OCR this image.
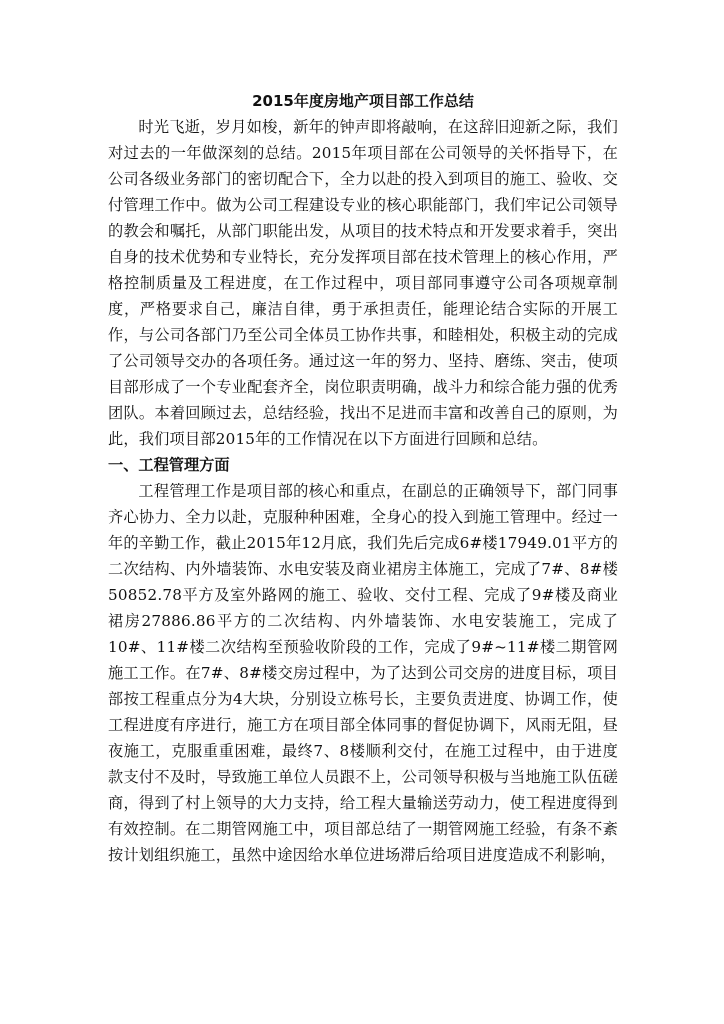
2015年度房地产项目部工作总结

时光飞逝，岁月如梭，新年的钟声即将敲响，在这辞旧迎新之际，我们对过去的一年做深刻的总结。2015年项目部在公司领导的关怀指导下，在公司各级业务部门的密切配合下，全力以赴的投入到项目的施工、验收、交付管理工作中。做为公司工程建设专业的核心职能部门，我们牢记公司领导的教会和嘱托，从部门职能出发，从项目的技术特点和开发要求着手，突出自身的技术优势和专业特长，充分发挥项目部在技术管理上的核心作用，严格控制质量及工程进度，在工作过程中，项目部同事遵守公司各项规章制度，严格要求自己，廉洁自律，勇于承担责任，能理论结合实际的开展工作，与公司各部门乃至公司全体员工协作共事，和睦相处，积极主动的完成了公司领导交办的各项任务。通过这一年的努力、坚持、磨练、突击，使项目部形成了一个专业配套齐全，岗位职责明确，战斗力和综合能力强的优秀团队。本着回顾过去，总结经验，找出不足进而丰富和改善自己的原则，为此，我们项目部2015年的工作情况在以下方面进行回顾和总结。

一、工程管理方面

工程管理工作是项目部的核心和重点，在副总的正确领导下，部门同事齐心协力、全力以赴，克服种种困难，全身心的投入到施工管理中。经过一年的辛勤工作，截止2015年12月底，我们先后完成6#楼17949.01平方的二次结构、内外墙装饰、水电安装及商业裙房主体施工，完成了7#、8#楼50852.78平方及室外路网的施工、验收、交付工程、完成了9#楼及商业裙房27886.86平方的二次结构、内外墙装饰、水电安装施工，完成了10#、11#楼二次结构至预验收阶段的工作，完成了9#~11#楼二期管网施工工作。在7#、8#楼交房过程中，为了达到公司交房的进度目标，项目部按工程重点分为4大块，分别设立栋号长，主要负责进度、协调工作，使工程进度有序进行，施工方在项目部全体同事的督促协调下，风雨无阻，昼夜施工，克服重重困难，最终7、8楼顺利交付，在施工过程中，由于进度款支付不及时，导致施工单位人员跟不上，公司领导积极与当地施工队伍磋商，得到了村上领导的大力支持，给工程大量输送劳动力，使工程进度得到有效控制。在二期管网施工中，项目部总结了一期管网施工经验，有条不紊按计划组织施工，虽然中途因给水单位进场滞后给项目进度造成不利影响，
